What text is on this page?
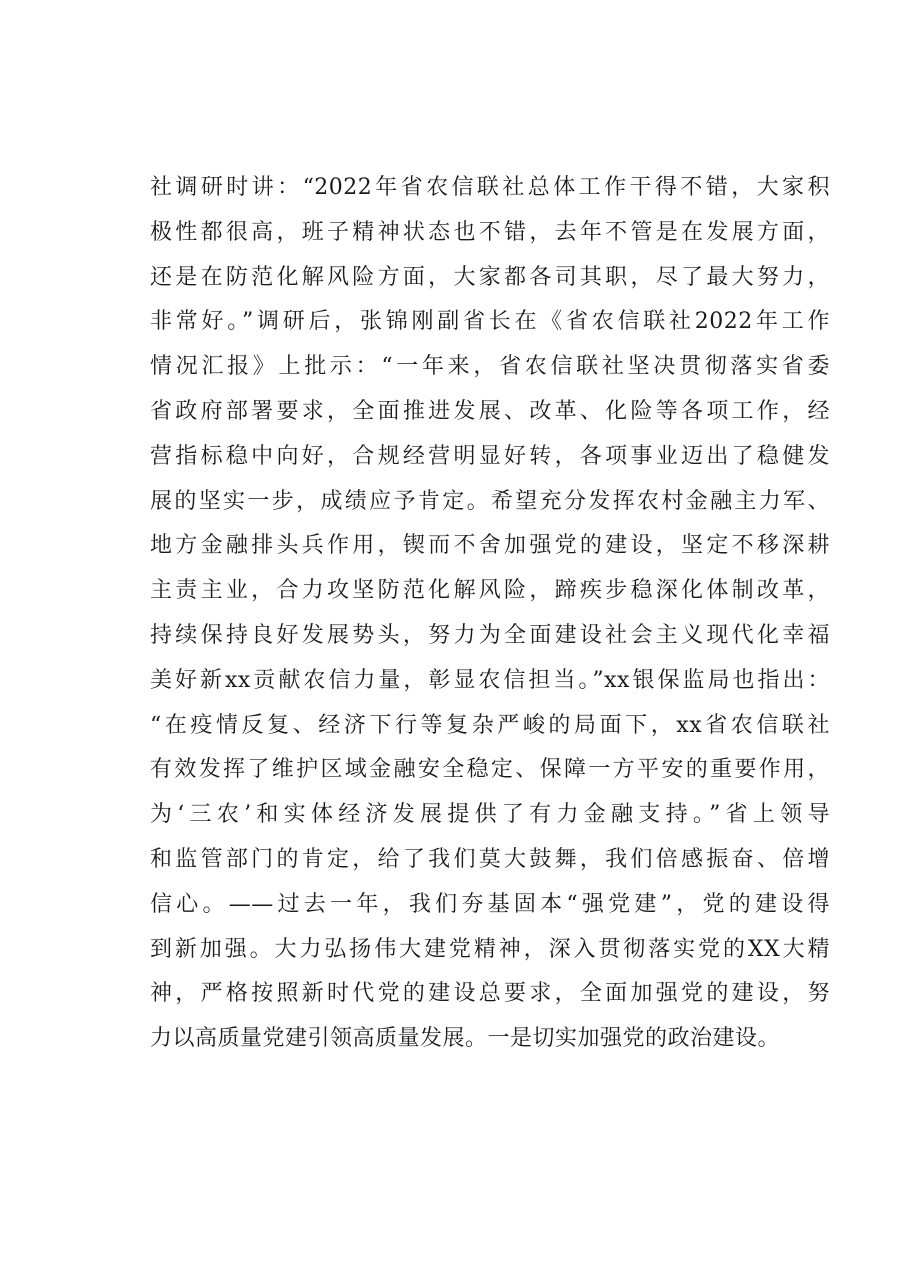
社调研时讲：“2022年省农信联社总体工作干得不错，大家积
极性都很高，班子精神状态也不错，去年不管是在发展方面，
还是在防范化解风险方面，大家都各司其职，尽了最大努力，
非常好。”调研后，张锦刚副省长在《省农信联社2022年工作
情况汇报》上批示：“一年来，省农信联社坚决贯彻落实省委
省政府部署要求，全面推进发展、改革、化险等各项工作，经
营指标稳中向好，合规经营明显好转，各项事业迈出了稳健发
展的坚实一步，成绩应予肯定。希望充分发挥农村金融主力军、
地方金融排头兵作用，锲而不舍加强党的建设，坚定不移深耕
主责主业，合力攻坚防范化解风险，蹄疾步稳深化体制改革，
持续保持良好发展势头，努力为全面建设社会主义现代化幸福
美好新xx贡献农信力量，彰显农信担当。”xx银保监局也指出：
“在疫情反复、经济下行等复杂严峻的局面下，xx省农信联社
有效发挥了维护区域金融安全稳定、保障一方平安的重要作用，
为‘三农’和实体经济发展提供了有力金融支持。”省上领导
和监管部门的肯定，给了我们莫大鼓舞，我们倍感振奋、倍增
信心。——过去一年，我们夯基固本“强党建”，党的建设得
到新加强。大力弘扬伟大建党精神，深入贯彻落实党的XX大精
神，严格按照新时代党的建设总要求，全面加强党的建设，努
力以高质量党建引领高质量发展。一是切实加强党的政治建设。
